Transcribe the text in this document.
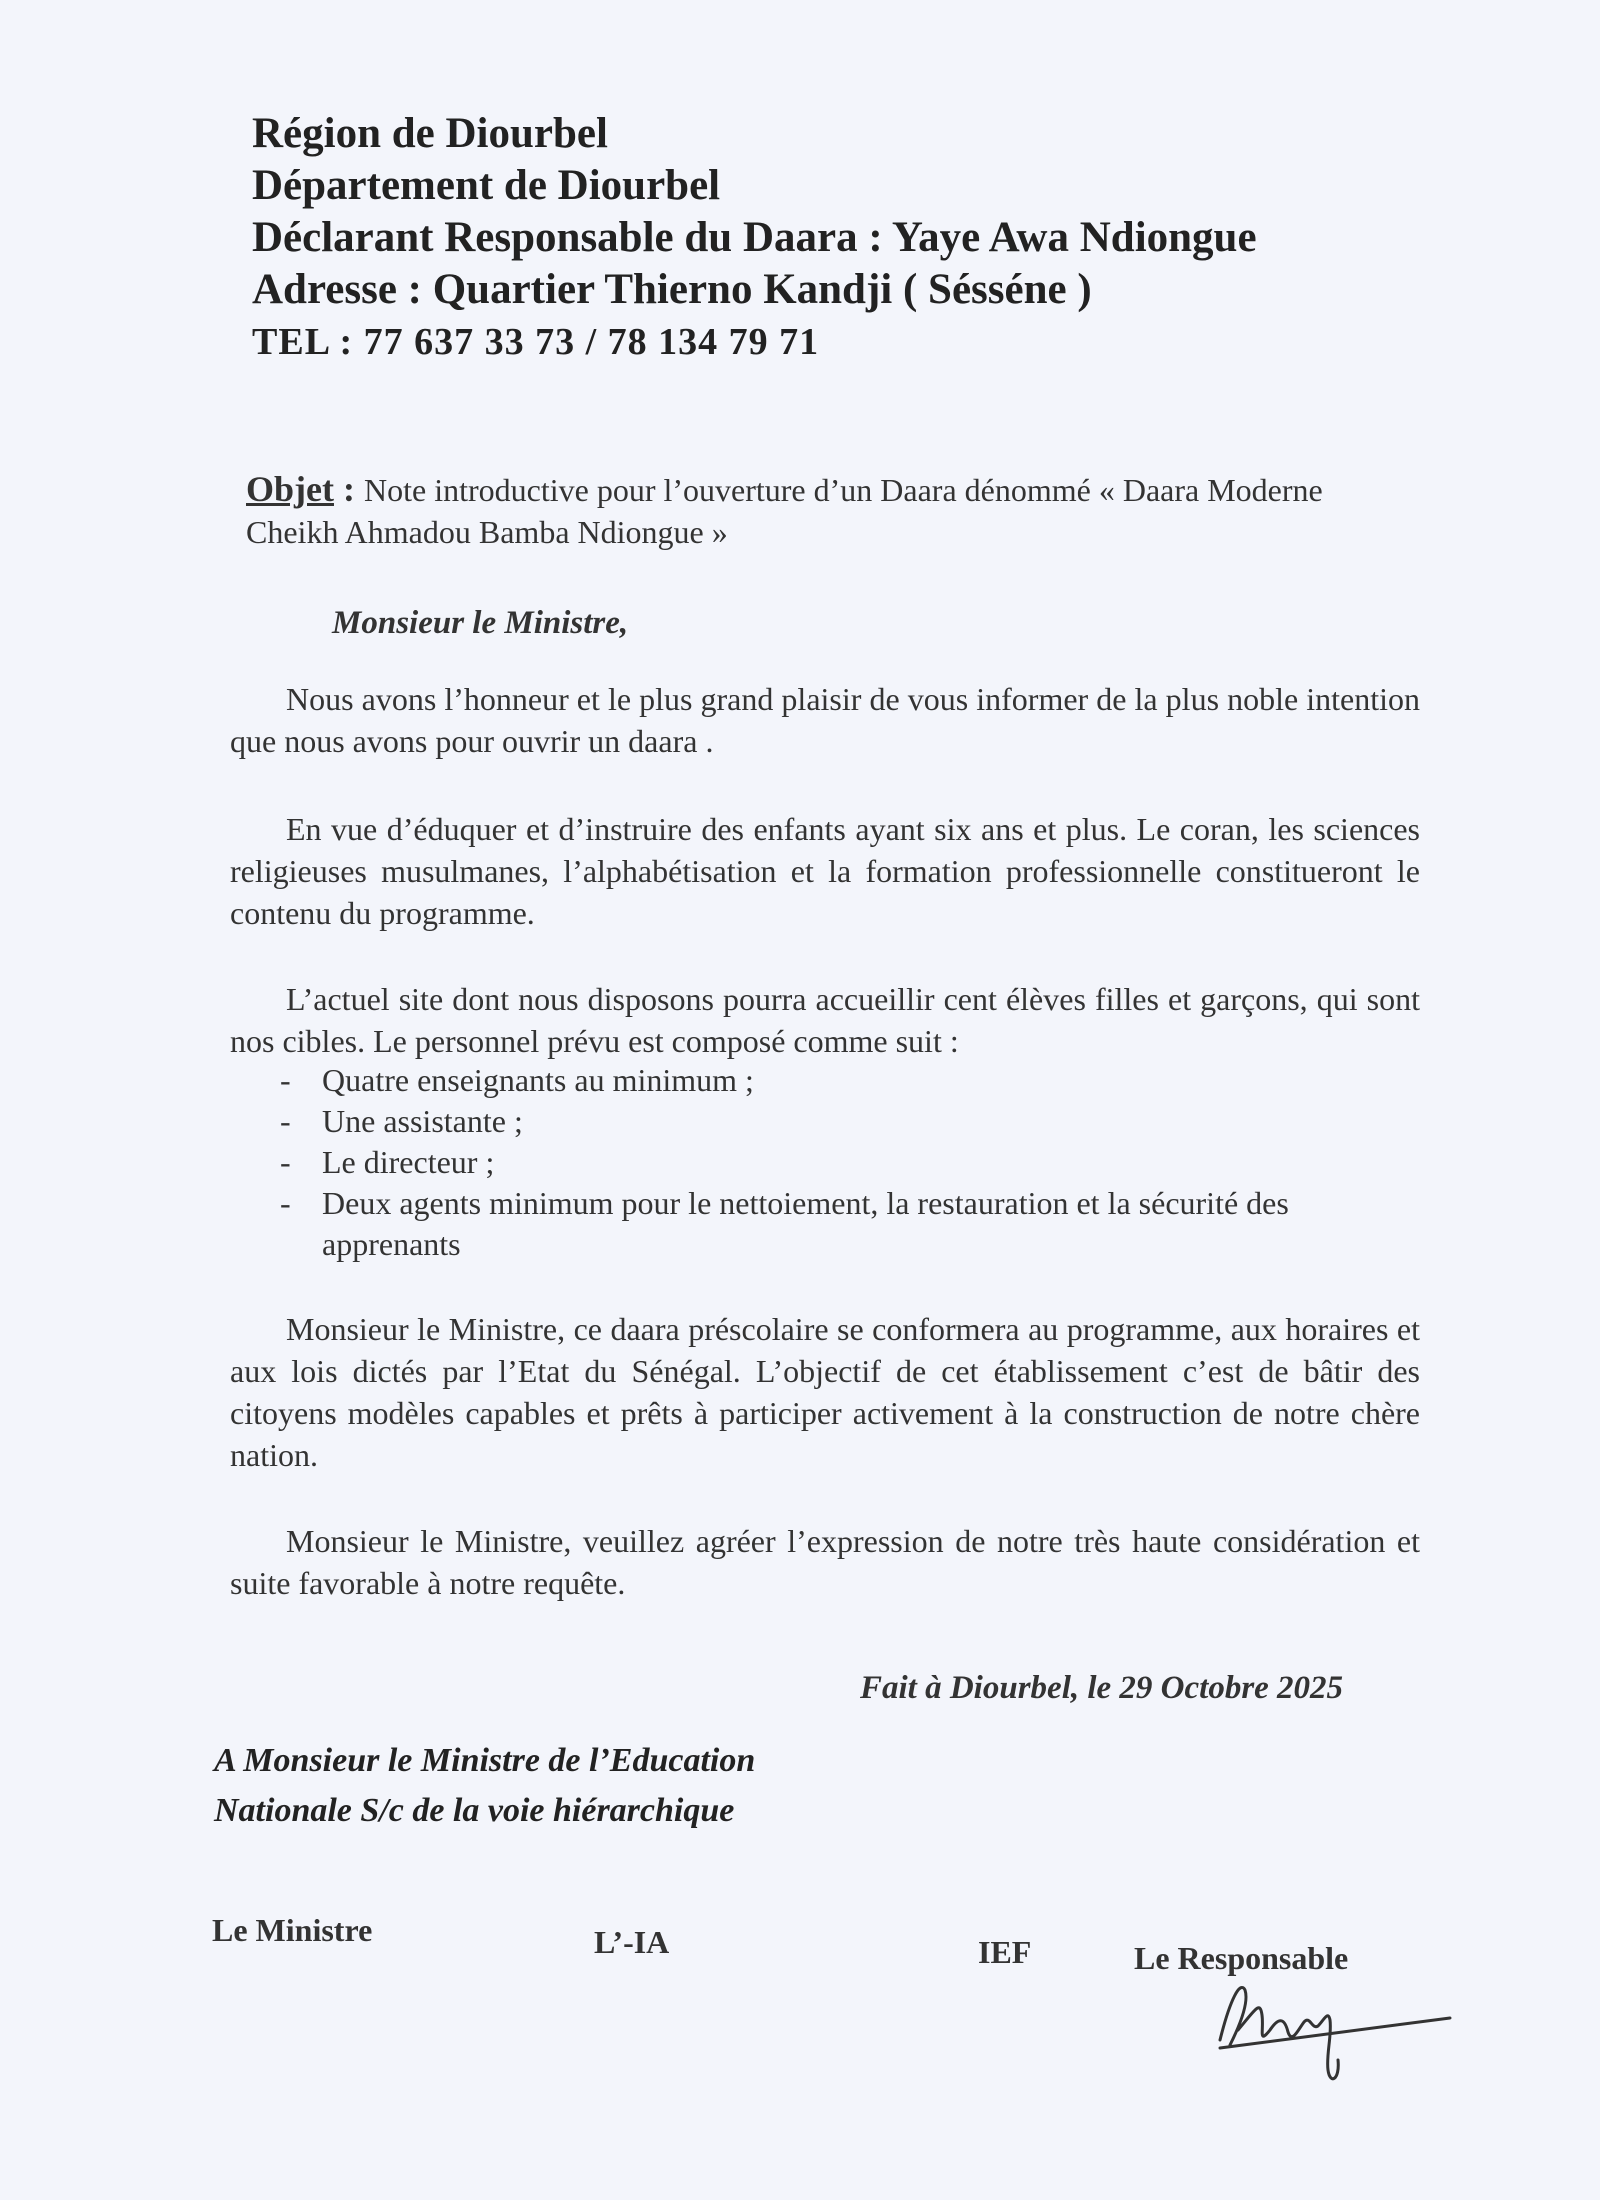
Région de Diourbel
Département de Diourbel
Déclarant Responsable du Daara : Yaye Awa Ndiongue
Adresse : Quartier Thierno Kandji ( Sésséne )
TEL : 77 637 33 73 / 78 134 79 71
Objet : Note introductive pour l’ouverture d’un Daara dénommé « Daara Moderne Cheikh Ahmadou Bamba Ndiongue »
Monsieur le Ministre,
Nous avons l’honneur et le plus grand plaisir de vous informer de la plus noble intention que nous avons pour ouvrir un daara .
En vue d’éduquer et d’instruire des enfants ayant six ans et plus. Le coran, les sciences religieuses musulmanes, l’alphabétisation et la formation professionnelle constitueront le contenu du programme.
L’actuel site dont nous disposons pourra accueillir cent élèves filles et garçons, qui sont nos cibles. Le personnel prévu est composé comme suit :
- Quatre enseignants au minimum ;
- Une assistante ;
- Le directeur ;
- Deux agents minimum pour le nettoiement, la restauration et la sécurité des apprenants
Monsieur le Ministre, ce daara préscolaire se conformera au programme, aux horaires et aux lois dictés par l’Etat du Sénégal. L’objectif de cet établissement c’est de bâtir des citoyens modèles capables et prêts à participer activement à la construction de notre chère nation.
Monsieur le Ministre, veuillez agréer l’expression de notre très haute considération et suite favorable à notre requête.
Fait à Diourbel, le 29 Octobre 2025
A Monsieur le Ministre de l’Education
Nationale S/c de la voie hiérarchique
Le Ministre	L’-IA	IEF	Le Responsable
